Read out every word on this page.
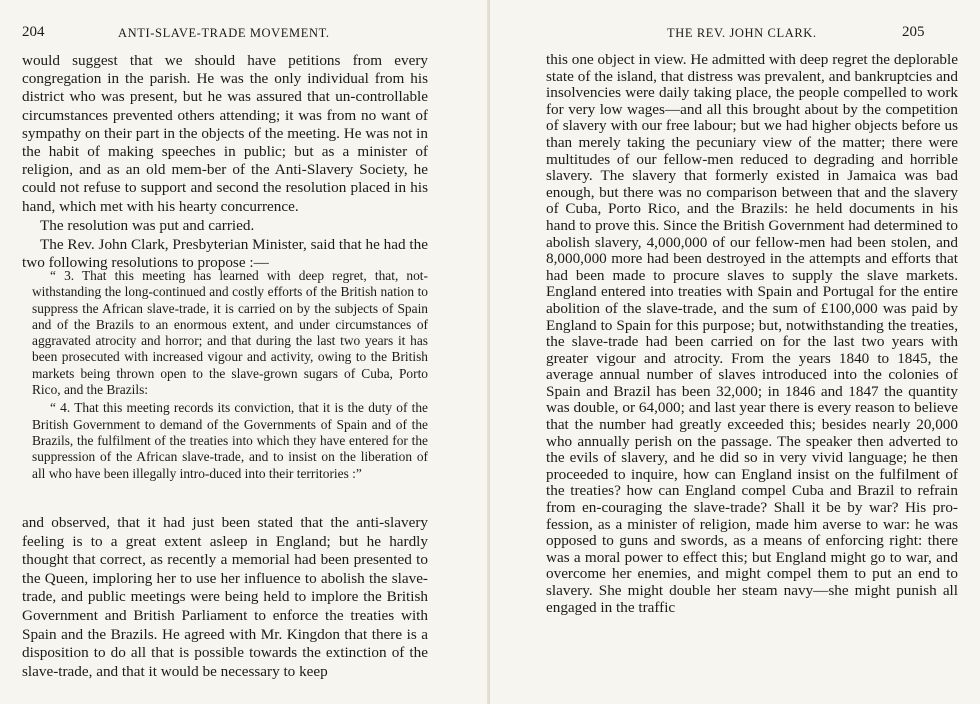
204	ANTI-SLAVE-TRADE MOVEMENT.

would suggest that we should have petitions from every congregation in the parish. He was the only individual from his district who was present, but he was assured that un-controllable circumstances prevented others attending; it was from no want of sympathy on their part in the objects of the meeting. He was not in the habit of making speeches in public; but as a minister of religion, and as an old mem-ber of the Anti-Slavery Society, he could not refuse to support and second the resolution placed in his hand, which met with his hearty concurrence.

The resolution was put and carried.

The Rev. John Clark, Presbyterian Minister, said that he had the two following resolutions to propose :—

“ 3. That this meeting has learned with deep regret, that, not-withstanding the long-continued and costly efforts of the British nation to suppress the African slave-trade, it is carried on by the subjects of Spain and of the Brazils to an enormous extent, and under circumstances of aggravated atrocity and horror; and that during the last two years it has been prosecuted with increased vigour and activity, owing to the British markets being thrown open to the slave-grown sugars of Cuba, Porto Rico, and the Brazils:

“ 4. That this meeting records its conviction, that it is the duty of the British Government to demand of the Governments of Spain and of the Brazils, the fulfilment of the treaties into which they have entered for the suppression of the African slave-trade, and to insist on the liberation of all who have been illegally intro-duced into their territories :”

and observed, that it had just been stated that the anti-slavery feeling is to a great extent asleep in England; but he hardly thought that correct, as recently a memorial had been presented to the Queen, imploring her to use her influence to abolish the slave-trade, and public meetings were being held to implore the British Government and British Parliament to enforce the treaties with Spain and the Brazils. He agreed with Mr. Kingdon that there is a disposition to do all that is possible towards the extinction of the slave-trade, and that it would be necessary to keep

THE REV. JOHN CLARK.	205

this one object in view. He admitted with deep regret the deplorable state of the island, that distress was prevalent, and bankruptcies and insolvencies were daily taking place, the people compelled to work for very low wages—and all this brought about by the competition of slavery with our free labour; but we had higher objects before us than merely taking the pecuniary view of the matter; there were multitudes of our fellow-men reduced to degrading and horrible slavery. The slavery that formerly existed in Jamaica was bad enough, but there was no comparison between that and the slavery of Cuba, Porto Rico, and the Brazils: he held documents in his hand to prove this. Since the British Government had determined to abolish slavery, 4,000,000 of our fellow-men had been stolen, and 8,000,000 more had been destroyed in the attempts and efforts that had been made to procure slaves to supply the slave markets. England entered into treaties with Spain and Portugal for the entire abolition of the slave-trade, and the sum of £100,000 was paid by England to Spain for this purpose; but, notwithstanding the treaties, the slave-trade had been carried on for the last two years with greater vigour and atrocity. From the years 1840 to 1845, the average annual number of slaves introduced into the colonies of Spain and Brazil has been 32,000; in 1846 and 1847 the quantity was double, or 64,000; and last year there is every reason to believe that the number had greatly exceeded this; besides nearly 20,000 who annually perish on the passage. The speaker then adverted to the evils of slavery, and he did so in very vivid language; he then proceeded to inquire, how can England insist on the fulfilment of the treaties? how can England compel Cuba and Brazil to refrain from en-couraging the slave-trade? Shall it be by war? His pro-fession, as a minister of religion, made him averse to war: he was opposed to guns and swords, as a means of enforcing right: there was a moral power to effect this; but England might go to war, and overcome her enemies, and might compel them to put an end to slavery. She might double her steam navy—she might punish all engaged in the traffic
